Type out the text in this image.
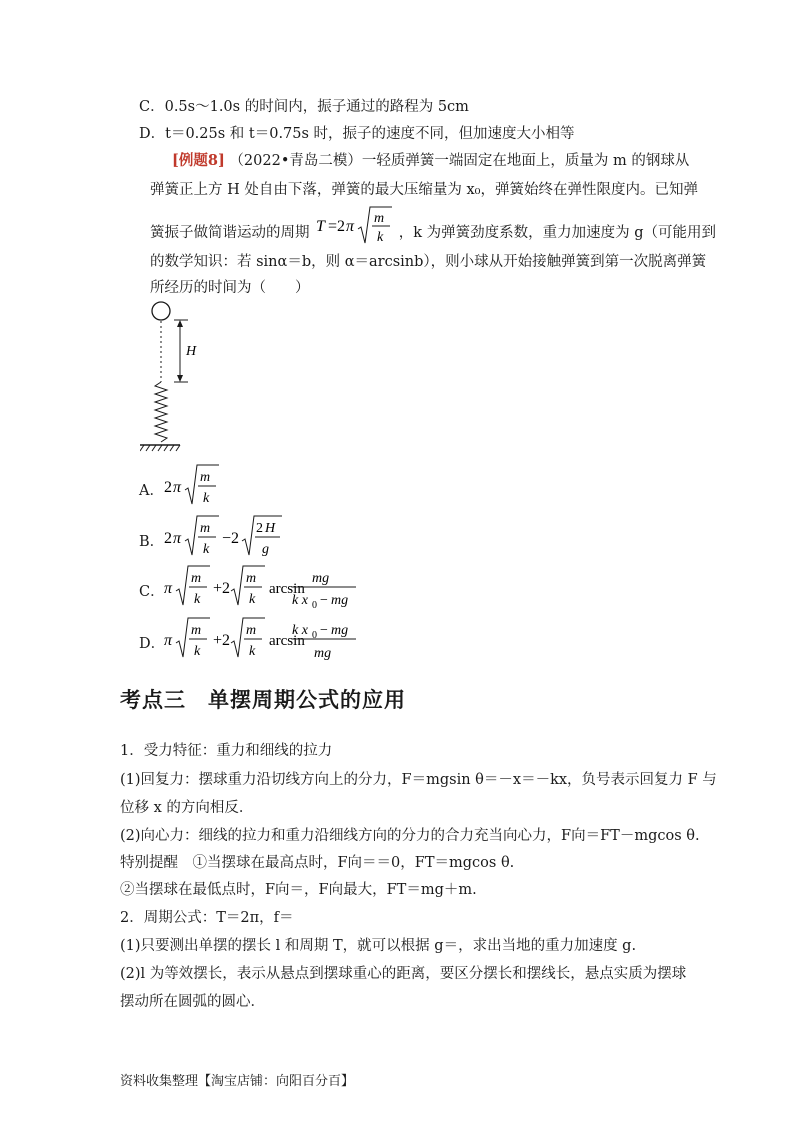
C．0.5s～1.0s 的时间内，振子通过的路程为 5cm
D．t＝0.25s 和 t＝0.75s 时，振子的速度不同，但加速度大小相等
[例题8] （2022•青岛二模）一轻质弹簧一端固定在地面上，质量为 m 的钢球从
弹簧正上方 H 处自由下落，弹簧的最大压缩量为 x₀，弹簧始终在弹性限度内。已知弹
簧振子做简谐运动的周期 T =2 π m
k ，k 为弹簧劲度系数，重力加速度为 g（可能用到
的数学知识：若 sinα＝b，则 α＝arcsinb），则小球从开始接触弹簧到第一次脱离弹簧
所经历的时间为（　　）
H
A． 2 π
m
k
B． 2 π
m
k
−2
2 H
g
C． π
m
k
+2
m
k
arcsin
mg
k x 0 − mg
D．
π
m
k
+2
m
k
arcsin
k x 0 − mg
mg
考点三　单摆周期公式的应用
1．受力特征：重力和细线的拉力
(1)回复力：摆球重力沿切线方向上的分力，F＝mgsin θ＝－x＝－kx，负号表示回复力 F 与
位移 x 的方向相反．
(2)向心力：细线的拉力和重力沿细线方向的分力的合力充当向心力，F向＝FT－mgcos θ.
特别提醒　①当摆球在最高点时，F向＝＝0，FT＝mgcos θ.
②当摆球在最低点时，F向＝，F向最大，FT＝mg＋m.
2．周期公式：T＝2π，f＝
(1)只要测出单摆的摆长 l 和周期 T，就可以根据 g＝，求出当地的重力加速度 g.
(2)l 为等效摆长，表示从悬点到摆球重心的距离，要区分摆长和摆线长，悬点实质为摆球
摆动所在圆弧的圆心．
资料收集整理【淘宝店铺：向阳百分百】
